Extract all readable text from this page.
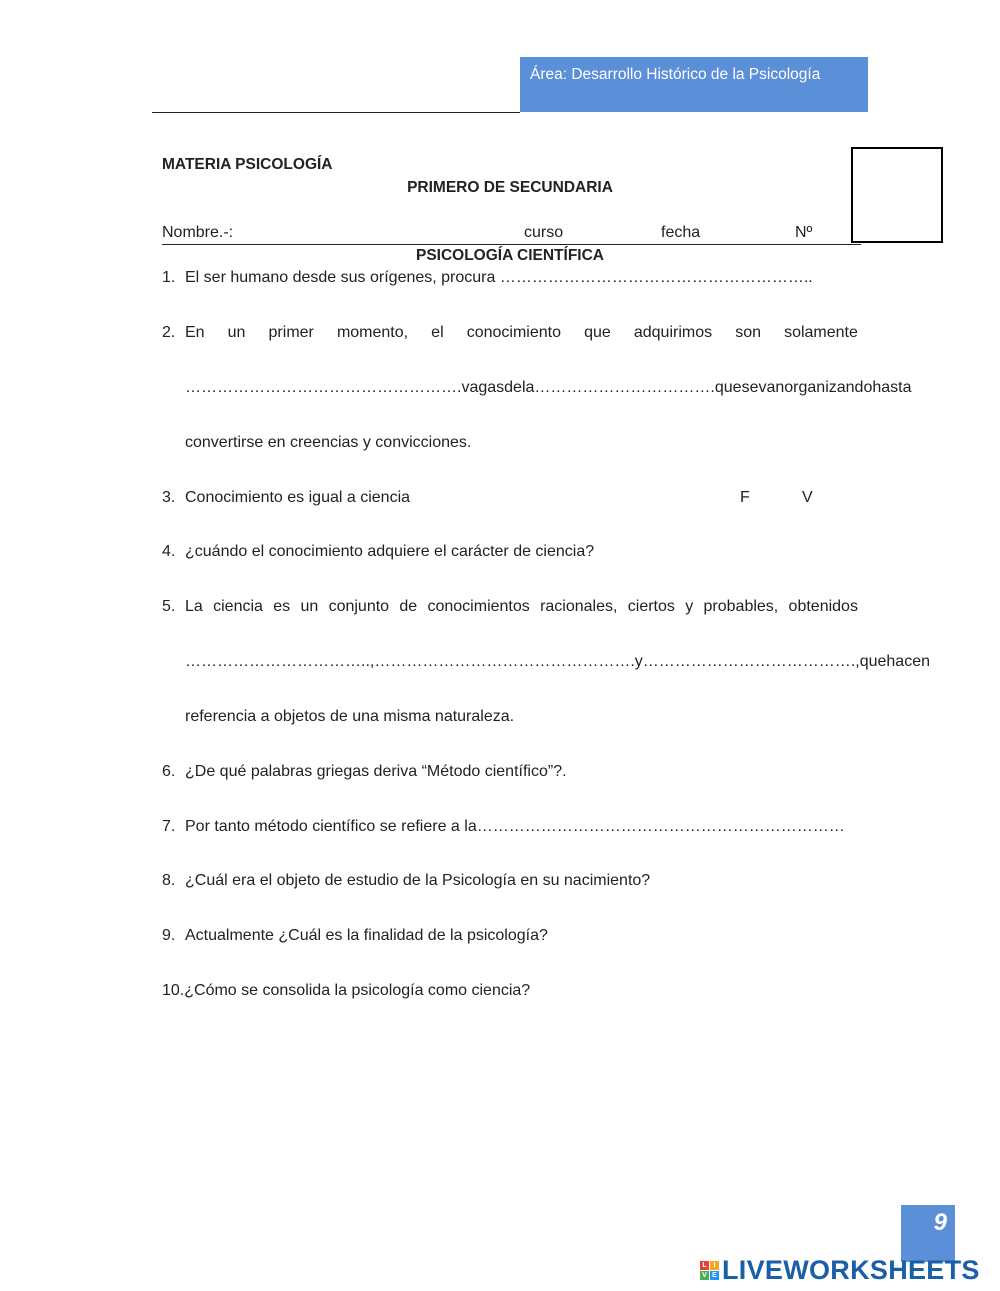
Área: Desarrollo Histórico de la Psicología
MATERIA PSICOLOGÍA
PRIMERO DE SECUNDARIA
Nombre.-:	curso	fecha	Nº
PSICOLOGÍA CIENTÍFICA
1. El ser humano desde sus orígenes, procura …………………………………………………..
2. En un primer momento, el conocimiento que adquirimos son solamente
……………………………………………. vagas de la……………………………. que se van organizando hasta
convertirse en creencias y convicciones.
3. Conocimiento es igual a ciencia	F	V
4. ¿cuándo el conocimiento adquiere el carácter de ciencia?
5. La ciencia es un conjunto de conocimientos racionales, ciertos y probables, obtenidos
…………………………….., …………………………………………. y …………………………………., que hacen
referencia a objetos de una misma naturaleza.
6. ¿De qué palabras griegas deriva “Método científico”?.
7. Por tanto método científico se refiere a la……………………………………………………………
8. ¿Cuál era el objeto de estudio de la Psicología en su nacimiento?
9. Actualmente ¿Cuál es la finalidad de la psicología?
10.¿Cómo se consolida la psicología como ciencia?
9
L I
V E LIVEWORKSHEETS
